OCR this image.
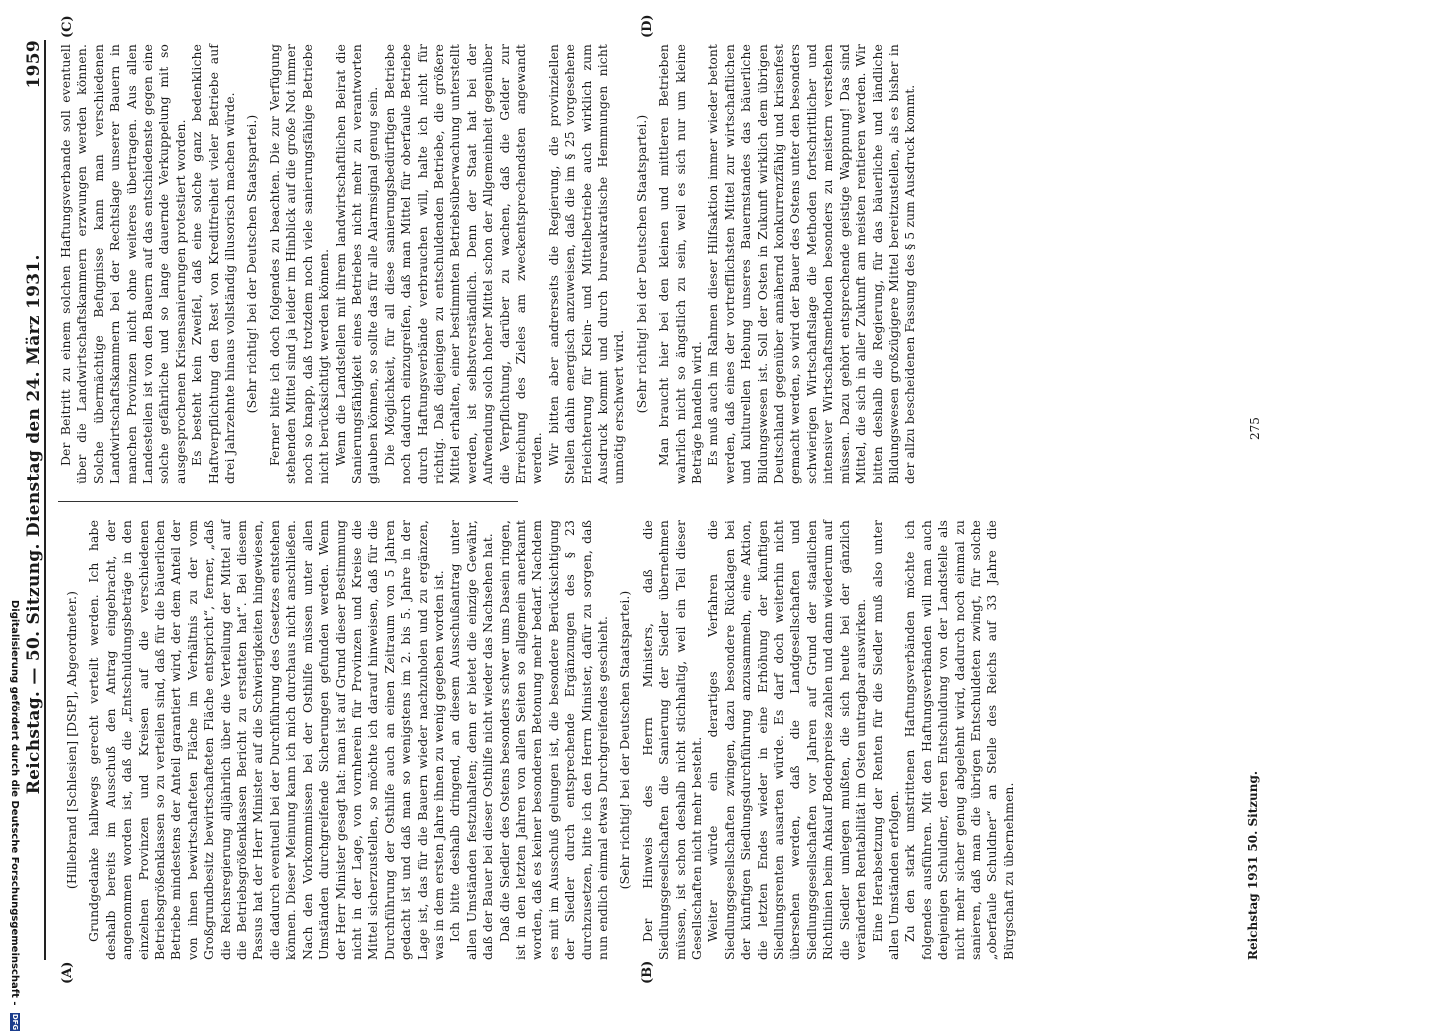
Reichstag. — 50. Sitzung. Dienstag den 24. März 1931.
1959

(Hillebrand [Schlesien] [DStP], Abgeordneter.) Grundgedanke halbwegs gerecht verteilt werden. Ich habe deshalb bereits im Ausschuß den Antrag eingebracht, der angenommen worden ist, daß die „Entschuldungsbeträge in den einzelnen Provinzen und Kreisen auf die verschiedenen Betriebsgrößenklassen so zu verteilen sind, daß für die bäuerlichen Betriebe mindestens der Anteil garantiert wird, der dem Anteil der von ihnen bewirtschafteten Fläche im Verhältnis zu der vom Großgrundbesitz bewirtschafteten Fläche entspricht“, ferner, „daß die Reichsregierung alljährlich über die Verteilung der Mittel auf die Betriebsgrößenklassen Bericht zu erstatten hat“. Bei diesem Passus hat der Herr Minister auf die Schwierigkeiten hingewiesen, die dadurch eventuell bei der Durchführung des Gesetzes entstehen können. Dieser Meinung kann ich mich durchaus nicht anschließen. Nach den Vorkommnissen bei der Osthilfe müssen unter allen Umständen durchgreifende Sicherungen gefunden werden. Wenn der Herr Minister gesagt hat: man ist auf Grund dieser Bestimmung nicht in der Lage, von vornherein für Provinzen und Kreise die Mittel sicherzustellen, so möchte ich darauf hinweisen, daß für die Durchführung der Osthilfe auch an einen Zeitraum von 5 Jahren gedacht ist und daß man so wenigstens im 2. bis 5. Jahre in der Lage ist, das für die Bauern wieder nachzuholen und zu ergänzen, was in dem ersten Jahre ihnen zu wenig gegeben worden ist. Ich bitte deshalb dringend, an diesem Ausschußantrag unter allen Umständen festzuhalten; denn er bietet die einzige Gewähr, daß der Bauer bei dieser Osthilfe nicht wieder das Nachsehen hat. Daß die Siedler des Ostens besonders schwer ums Dasein ringen, ist in den letzten Jahren von allen Seiten so allgemein anerkannt worden, daß es keiner besonderen Betonung mehr bedarf. Nachdem es mit im Ausschuß gelungen ist, die besondere Berücksichtigung der Siedler durch entsprechende Ergänzungen des § 23 durchzusetzen, bitte ich den Herrn Minister, dafür zu sorgen, daß nun endlich einmal etwas Durchgreifendes geschieht. (Sehr richtig! bei der Deutschen Staatspartei.) Der Hinweis des Herrn Ministers, daß die Siedlungsgesellschaften die Sanierung der Siedler übernehmen müssen, ist schon deshalb nicht stichhaltig, weil ein Teil dieser Gesellschaften nicht mehr besteht. Weiter würde ein derartiges Verfahren die Siedlungsgesellschaften zwingen, dazu besondere Rücklagen bei der künftigen Siedlungsdurchführung anzusammeln, eine Aktion, die letzten Endes wieder in eine Erhöhung der künftigen Siedlungsrenten ausarten würde. Es darf doch weiterhin nicht übersehen werden, daß die Landgesellschaften und Siedlungsgesellschaften vor Jahren auf Grund der staatlichen Richtlinien beim Ankauf Bodenpreise zahlen und dann wiederum auf die Siedler umlegen mußten, die sich heute bei der gänzlich veränderten Rentabilität im Osten untragbar auswirken. Eine Herabsetzung der Renten für die Siedler muß also unter allen Umständen erfolgen. Zu den stark umstrittenen Haftungsverbänden möchte ich folgendes ausführen. Mit den Haftungsverbänden will man auch denjenigen Schuldner, deren Entschuldung von der Landstelle als nicht mehr sicher genug abgelehnt wird, dadurch noch einmal zu sanieren, daß man die übrigen Entschuldeten zwingt, für solche „oberfaule Schuldner“ an Stelle des Reichs auf 33 Jahre die Bürgschaft zu übernehmen.

Der Beitritt zu einem solchen Haftungsverbande soll eventuell über die Landwirtschaftskammern erzwungen werden können. Solche übermächtige Befugnisse kann man verschiedenen Landwirtschaftskammern bei der Rechtslage unserer Bauern in manchen Provinzen nicht ohne weiteres übertragen. Aus allen Landesteilen ist von den Bauern auf das entschiedenste gegen eine solche gefährliche und so lange dauernde Verkuppelung mit so ausgesprochenen Krisensanierungen protestiert worden. Es besteht kein Zweifel, daß eine solche ganz bedenkliche Haftverpflichtung den Rest von Kreditfreiheit vieler Betriebe auf drei Jahrzehnte hinaus vollständig illusorisch machen würde. (Sehr richtig! bei der Deutschen Staatspartei.) Ferner bitte ich doch folgendes zu beachten. Die zur Verfügung stehenden Mittel sind ja leider im Hinblick auf die große Not immer noch so knapp, daß trotzdem noch viele sanierungsfähige Betriebe nicht berücksichtigt werden können. Wenn die Landstellen mit ihrem landwirtschaftlichen Beirat die Sanierungsfähigkeit eines Betriebes nicht mehr zu verantworten glauben können, so sollte das für alle Alarmsignal genug sein. Die Möglichkeit, für all diese sanierungsbedürftigen Betriebe noch dadurch einzugreifen, daß man Mittel für oberfaule Betriebe durch Haftungsverbände verbrauchen will, halte ich nicht für richtig. Daß diejenigen zu entschuldenden Betriebe, die größere Mittel erhalten, einer bestimmten Betriebsüberwachung unterstellt werden, ist selbstverständlich. Denn der Staat hat bei der Aufwendung solch hoher Mittel schon der Allgemeinheit gegenüber die Verpflichtung, darüber zu wachen, daß die Gelder zur Erreichung des Zieles am zweckentsprechendsten angewandt werden. Wir bitten aber andrerseits die Regierung, die provinziellen Stellen dahin energisch anzuweisen, daß die im § 25 vorgesehene Erleichterung für Klein- und Mittelbetriebe auch wirklich zum Ausdruck kommt und durch bureaukratische Hemmungen nicht unnötig erschwert wird. (Sehr richtig! bei der Deutschen Staatspartei.) Man braucht hier bei den kleinen und mittleren Betrieben wahrlich nicht so ängstlich zu sein, weil es sich nur um kleine Beträge handeln wird. Es muß auch im Rahmen dieser Hilfsaktion immer wieder betont werden, daß eines der vortrefflichsten Mittel zur wirtschaftlichen und kulturellen Hebung unseres Bauernstandes das bäuerliche Bildungswesen ist. Soll der Osten in Zukunft wirklich dem übrigen Deutschland gegenüber annähernd konkurrenzfähig und krisenfest gemacht werden, so wird der Bauer des Ostens unter den besonders schwierigen Wirtschaftslage die Methoden fortschrittlicher und intensiver Wirtschaftsmethoden besonders zu meistern verstehen müssen. Dazu gehört entsprechende geistige Wappnung! Das sind Mittel, die sich in aller Zukunft am meisten rentieren werden. Wir bitten deshalb die Regierung, für das bäuerliche und ländliche Bildungswesen großzügigere Mittel bereitzustellen, als es bisher in der allzu bescheidenen Fassung des § 5 zum Ausdruck kommt.

(A)	(B)
(C)	(D)
Reichstag 1931 50. Sitzung.
275
Digitalisierung gefördert durch die Deutsche Forschungsgemeinschaft - DFG
